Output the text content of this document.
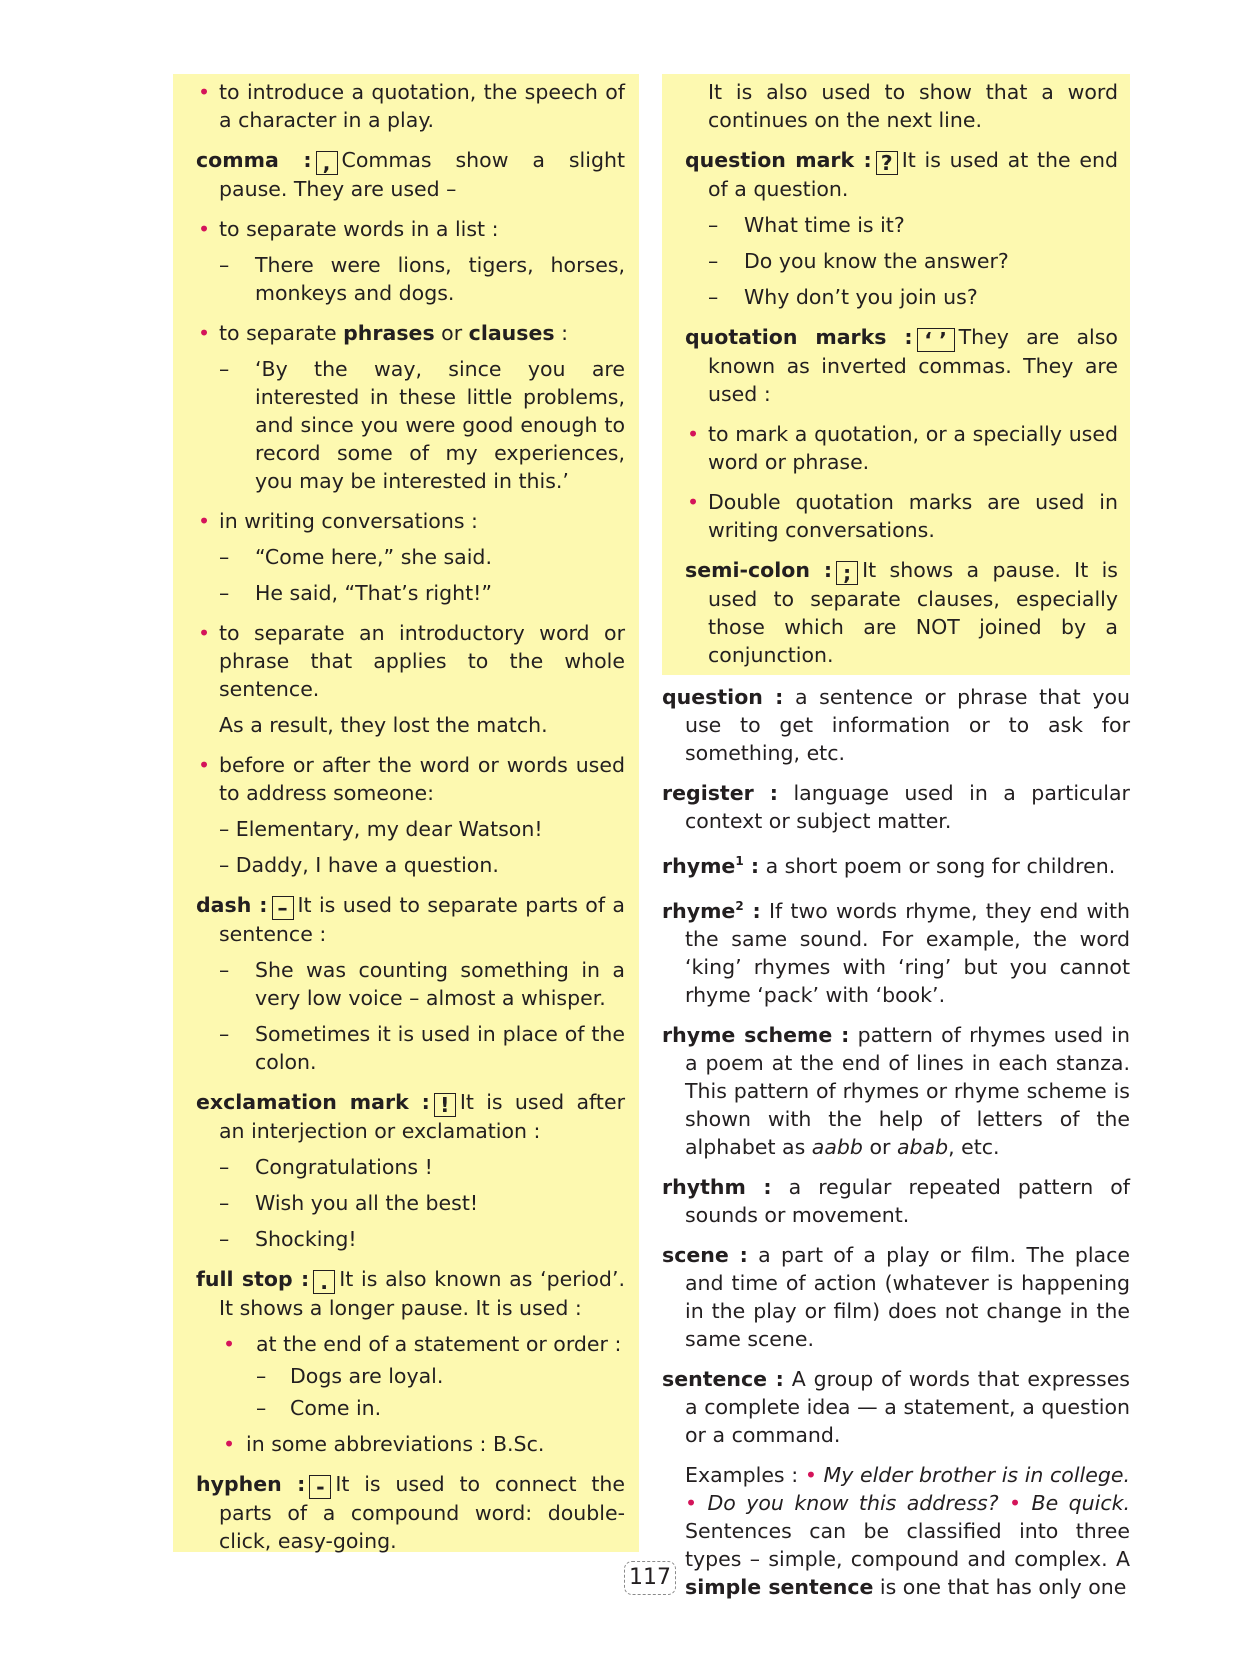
• to introduce a quotation, the speech of a character in a play.

comma : , Commas show a slight pause. They are used –

• to separate words in a list :

– There were lions, tigers, horses, monkeys and dogs.

• to separate phrases or clauses :

– ‘By the way, since you are interested in these little problems, and since you were good enough to record some of my experiences, you may be interested in this.’

• in writing conversations :

– “Come here,” she said.

– He said, “That’s right!”

• to separate an introductory word or phrase that applies to the whole sentence.

As a result, they lost the match.

• before or after the word or words used to address someone:

– Elementary, my dear Watson!

– Daddy, I have a question.

dash : – It is used to separate parts of a sentence :

– She was counting something in a very low voice – almost a whisper.

– Sometimes it is used in place of the colon.

exclamation mark : ! It is used after an interjection or exclamation :

– Congratulations !

– Wish you all the best!

– Shocking!

full stop : . It is also known as ‘period’. It shows a longer pause. It is used :

• at the end of a statement or order :

– Dogs are loyal.

– Come in.

• in some abbreviations : B.Sc.

hyphen : - It is used to connect the parts of a compound word: double-click, easy-going.

It is also used to show that a word continues on the next line.

question mark : ? It is used at the end of a question.

– What time is it?

– Do you know the answer?

– Why don’t you join us?

quotation marks : ‘ ’ They are also known as inverted commas. They are used :

• to mark a quotation, or a specially used word or phrase.

• Double quotation marks are used in writing conversations.

semi-colon : ; It shows a pause. It is used to separate clauses, especially those which are NOT joined by a conjunction.

question : a sentence or phrase that you use to get information or to ask for something, etc.

register : language used in a particular context or subject matter.

rhyme$^1$ : a short poem or song for children.

rhyme$^2$ : If two words rhyme, they end with the same sound. For example, the word ‘king’ rhymes with ‘ring’ but you cannot rhyme ‘pack’ with ‘book’.

rhyme scheme : pattern of rhymes used in a poem at the end of lines in each stanza. This pattern of rhymes or rhyme scheme is shown with the help of letters of the alphabet as aabb or abab, etc.

rhythm : a regular repeated pattern of sounds or movement.

scene : a part of a play or film. The place and time of action (whatever is happening in the play or film) does not change in the same scene.

sentence : A group of words that expresses a complete idea — a statement, a question or a command.

Examples : • My elder brother is in college. • Do you know this address? • Be quick. Sentences can be classified into three types – simple, compound and complex. A simple sentence is one that has only one

117
